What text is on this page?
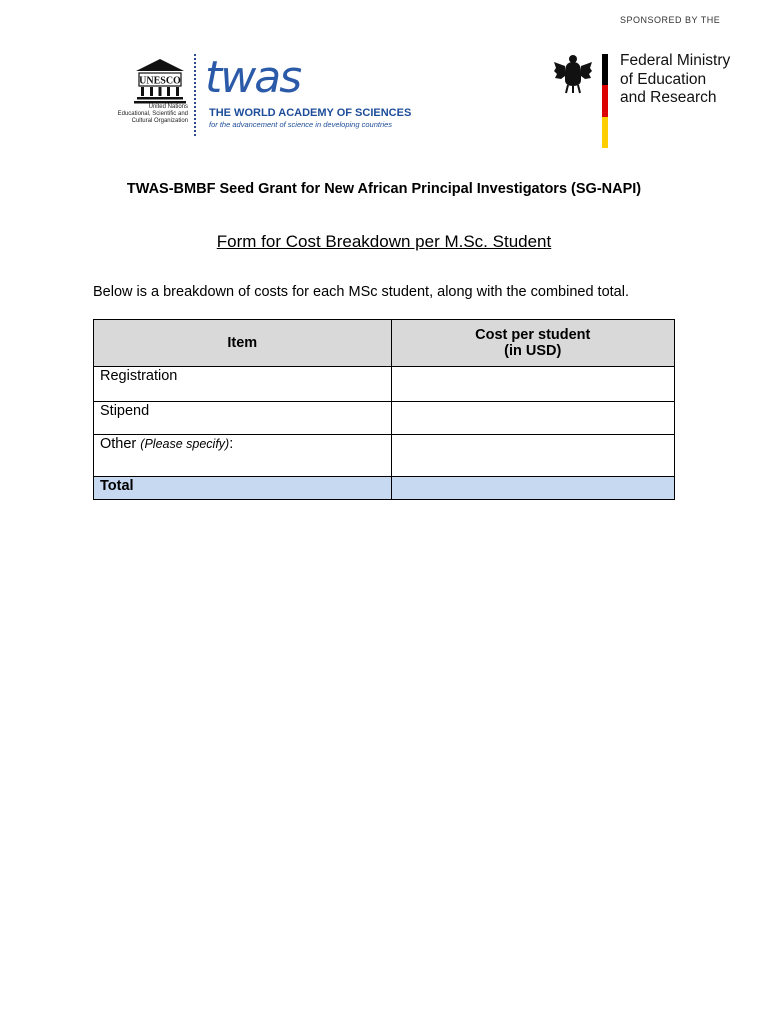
UNESCO
United Nations
Educational, Scientific and
Cultural Organization
twas
THE WORLD ACADEMY OF SCIENCES
for the advancement of science in developing countries
SPONSORED BY THE
Federal Ministry
of Education
and Research
TWAS-BMBF Seed Grant for New African Principal Investigators (SG-NAPI)
Form for Cost Breakdown per M.Sc. Student
Below is a breakdown of costs for each MSc student, along with the combined total.
Item	Cost per student
(in USD)

Registration	
Stipend	
Other (Please specify):	
Total	
